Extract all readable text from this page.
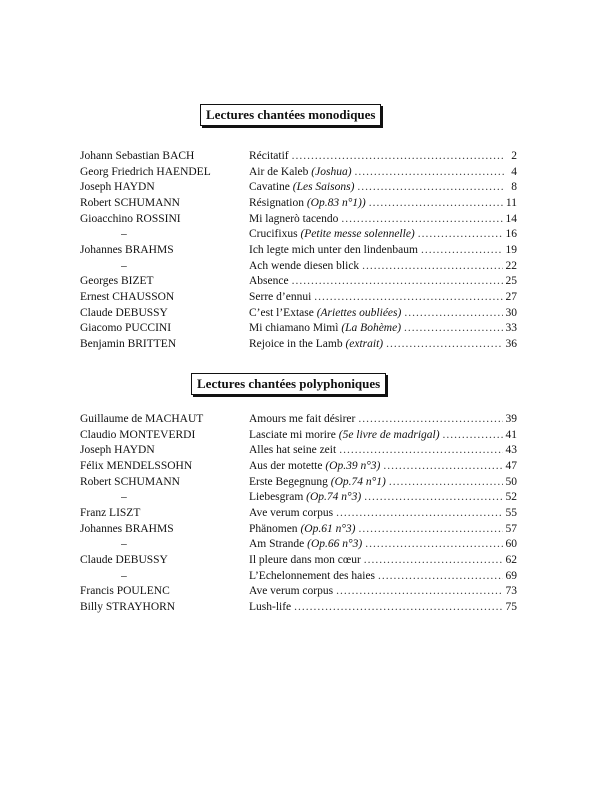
Lectures chantées monodiques
Johann Sebastian BACH	Récitatif .....	2
Georg Friedrich HAENDEL	Air de Kaleb (Joshua) .....	4
Joseph HAYDN	Cavatine (Les Saisons) .....	8
Robert SCHUMANN	Résignation (Op.83 n°1)) .....	11
Gioacchino ROSSINI	Mi lagnerò tacendo .....	14
–	Crucifixus (Petite messe solennelle) .....	16
Johannes BRAHMS	Ich legte mich unter den lindenbaum .....	19
–	Ach wende diesen blick .....	22
Georges BIZET	Absence .....	25
Ernest CHAUSSON	Serre d’ennui .....	27
Claude DEBUSSY	C’est l’Extase (Ariettes oubliées) .....	30
Giacomo PUCCINI	Mi chiamano Mimì (La Bohème) .....	33
Benjamin BRITTEN	Rejoice in the Lamb (extrait) .....	36
Lectures chantées polyphoniques
Guillaume de MACHAUT	Amours me fait désirer .....	39
Claudio MONTEVERDI	Lasciate mi morire (5e livre de madrigal) .....	41
Joseph HAYDN	Alles hat seine zeit .....	43
Félix MENDELSSOHN	Aus der motette (Op.39 n°3) .....	47
Robert SCHUMANN	Erste Begegnung (Op.74 n°1) .....	50
–	Liebesgram (Op.74 n°3) .....	52
Franz LISZT	Ave verum corpus .....	55
Johannes BRAHMS	Phänomen (Op.61 n°3) .....	57
–	Am Strande (Op.66 n°3) .....	60
Claude DEBUSSY	Il pleure dans mon cœur .....	62
–	L’Echelonnement des haies .....	69
Francis POULENC	Ave verum corpus .....	73
Billy STRAYHORN	Lush-life .....	75
